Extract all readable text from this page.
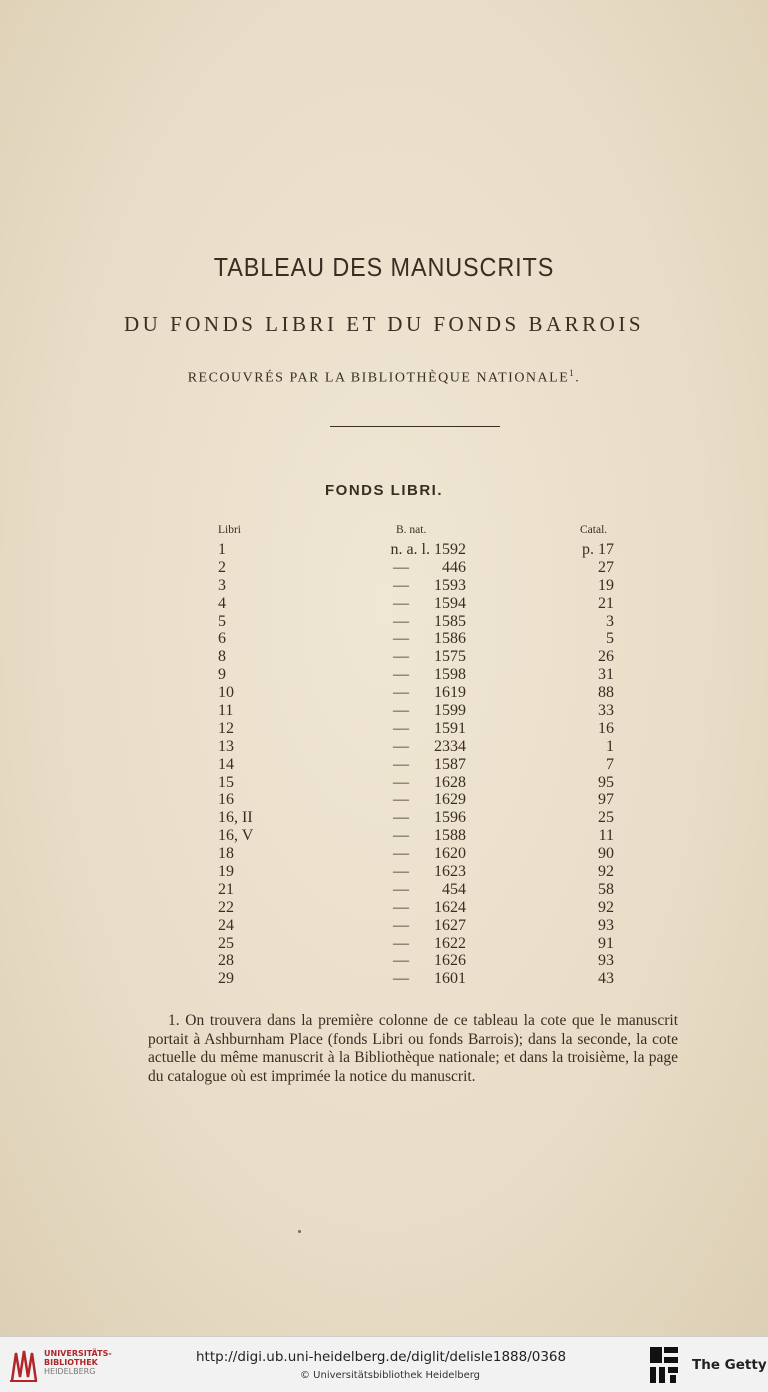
TABLEAU DES MANUSCRITS
DU FONDS LIBRI ET DU FONDS BARROIS
RECOUVRÉS PAR LA BIBLIOTHÈQUE NATIONALE$^1$.
FONDS LIBRI.
Libri	B. nat.	Catal.
1	n. a. l. 1592	p. 17
2	— 446	27
3	— 1593	19
4	— 1594	21
5	— 1585	3
6	— 1586	5
8	— 1575	26
9	— 1598	31
10	— 1619	88
11	— 1599	33
12	— 1591	16
13	— 2334	1
14	— 1587	7
15	— 1628	95
16	— 1629	97
16, II	— 1596	25
16, V	— 1588	11
18	— 1620	90
19	— 1623	92
21	— 454	58
22	— 1624	92
24	— 1627	93
25	— 1622	91
28	— 1626	93
29	— 1601	43
1. On trouvera dans la première colonne de ce tableau la cote que le manuscrit portait à Ashburnham Place (fonds Libri ou fonds Barrois); dans la seconde, la cote actuelle du même manuscrit à la Bibliothèque nationale; et dans la troisième, la page du catalogue où est imprimée la notice du manuscrit.
UNIVERSITÄTS-
BIBLIOTHEK
HEIDELBERG
http://digi.ub.uni-heidelberg.de/diglit/delisle1888/0368
© Universitätsbibliothek Heidelberg
The Getty
